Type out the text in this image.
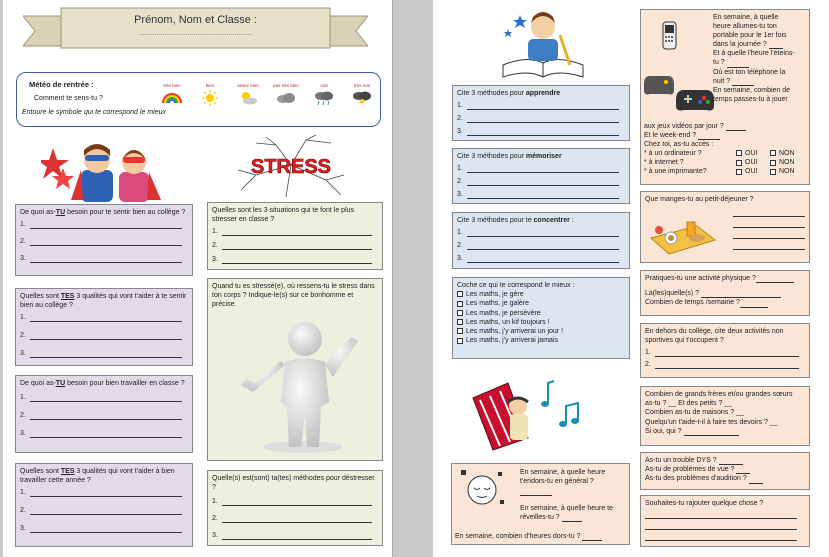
Prénom, Nom et Classe :
..........................................................
Météo de rentrée :
Comment te sens-tu ?
Entoure le symbole qui te correspond le mieux
très bien	bien	assez bien	pas très bien	mal	très mal
STRESS
De quoi as-TU besoin pour te sentir bien au collège ?
1.
2.
3.
Quelles sont TES 3 qualités qui vont t'aider à te sentir bien au collège ?
1.
2.
3.
De quoi as-TU besoin pour bien travailler en classe ?
1.
2.
3.
Quelles sont TES 3 qualités qui vont t'aider à bien travailler cette année ?
1.
2.
3.
Quelles sont les 3 situations qui te font le plus stresser en classe ?
1.
2.
3.
Quand tu es stressé(e), où ressens-tu le stress dans ton corps ? Indique-le(s) sur ce bonhomme et précise.
Quelle(s) est(sont) ta(tes) méthodes pour déstresser ?
1.
2.
3.
Cite 3 méthodes pour apprendre
1.
2.
3.
Cite 3 méthodes pour mémoriser
1.
2.
3.
Cite 3 méthodes pour te concentrer :
1.
2.
3.
Coche ce qui te correspond le mieux :
Les maths, je gère
Les maths, je galère
Les maths, je persévère
Les maths, un kif toujours !
Les maths, j'y arriverai un jour !
Les maths, j'y arriverai jamais
En semaine, à quelle heure t'endors-tu en général ?

En semaine, à quelle heure te réveilles-tu ?
En semaine, combien d'heures dors-tu ?
En semaine, à quelle
heure allumes-tu ton
portable pour le 1er fois
dans la journée ?
Et à quelle l'heure l'éteins-
tu ?
Où est ton téléphone la
nuit ?
En semaine, combien de
temps passes-tu à jouer
aux jeux vidéos par jour ?
Et le week-end ?
Chez toi, as-tu accès :
* à un ordinateur ?	OUI	NON
* à internet ?	OUI	NON
* à une imprimante?	OUI	NON
Que manges-tu au petit-déjeuner ?
Pratiques-tu une activité physique ?
La(les)quelle(s) ?
Combien de temps /semaine ?
En dehors du collège, cite deux activités non sportives qui t'occupent ?
1.
2.
Combien de grands frères et/ou grandes sœurs
as-tu ? __ Et des petits ? __
Combien as-tu de maisons ? __
Quelqu'un t'aide-t-il à faire tes devoirs ? __
Si oui, qui ?
As-tu un trouble DYS ?
As-tu de problèmes de vue ?
As-tu des problèmes d'audition ?
Souhaites-tu rajouter quelque chose ?
